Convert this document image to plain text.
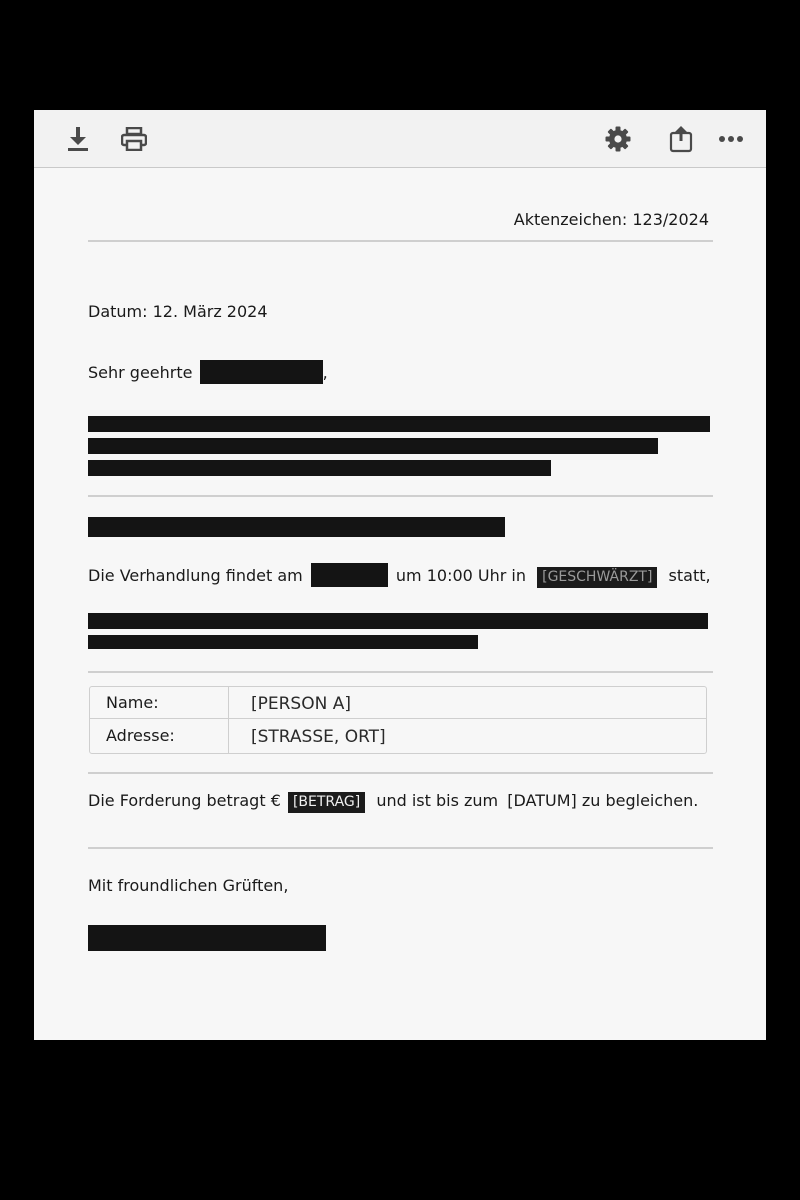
Aktenzeichen: 123/2024
Datum: 12. März 2024
Sehr geehrte	,
Die Verhandlung findet am	um 10:00 Uhr in [GESCHWÄRZT] statt,
Name:	[PERSON A]
Adresse:	[STRASSE, ORT]
Die Forderung betragt € [BETRAG] und ist bis zum [DATUM] zu begleichen.
Mit froundlichen Grüften,
